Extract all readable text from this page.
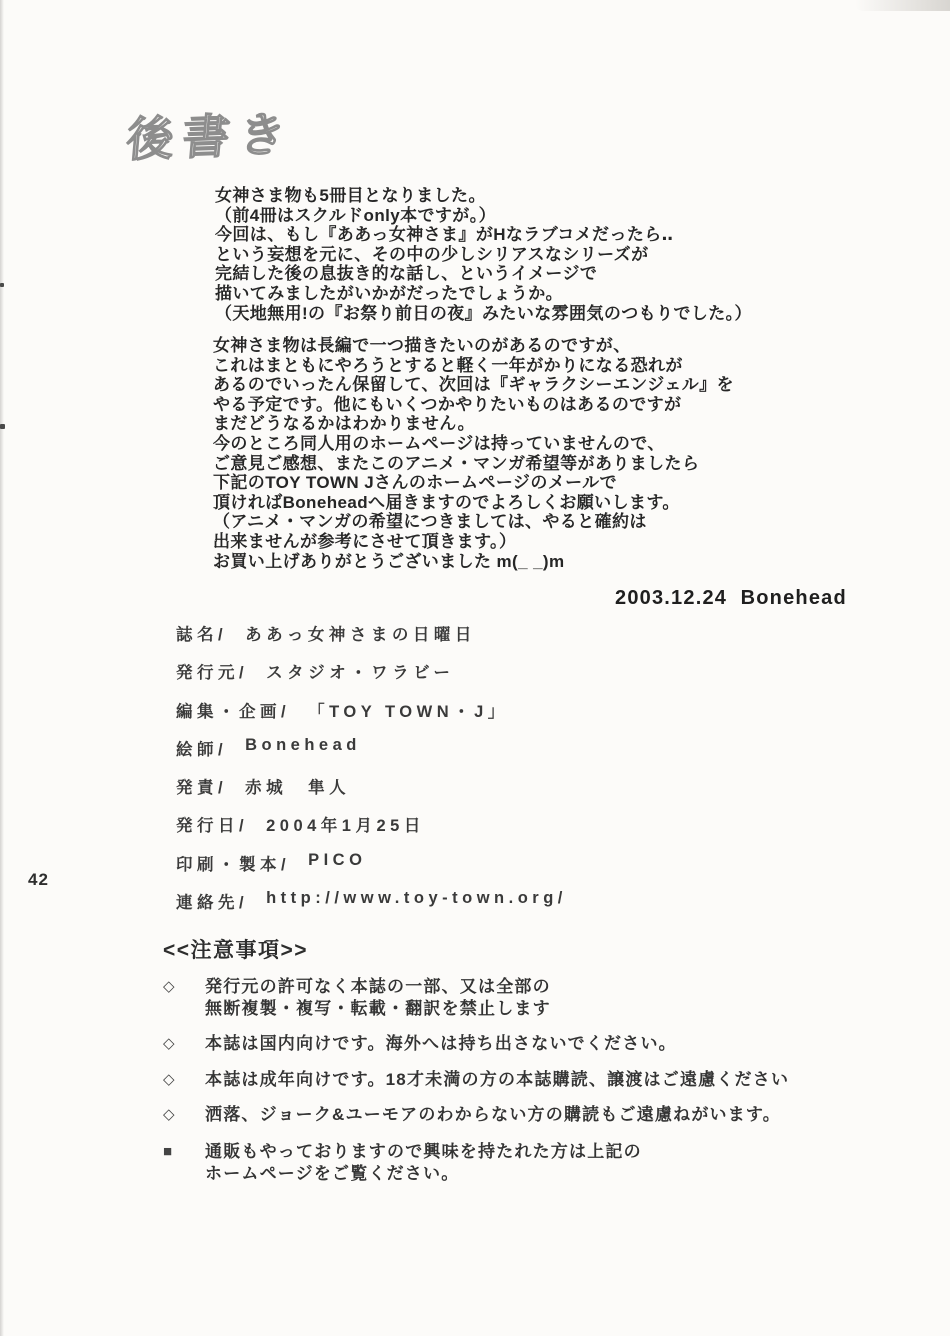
後書き
女神さま物も5冊目となりました。
（前4冊はスクルドonly本ですが。）
今回は、もし『ああっ女神さま』がHなラブコメだったら‥
という妄想を元に、その中の少しシリアスなシリーズが
完結した後の息抜き的な話し、というイメージで
描いてみましたがいかがだったでしょうか。
（天地無用!の『お祭り前日の夜』みたいな雰囲気のつもりでした。）
女神さま物は長編で一つ描きたいのがあるのですが、
これはまともにやろうとすると軽く一年がかりになる恐れが
あるのでいったん保留して、次回は『ギャラクシーエンジェル』を
やる予定です。他にもいくつかやりたいものはあるのですが
まだどうなるかはわかりません。
今のところ同人用のホームページは持っていませんので、
ご意見ご感想、またこのアニメ・マンガ希望等がありましたら
下記のTOY TOWN Jさんのホームページのメールで
頂ければBoneheadへ届きますのでよろしくお願いします。
（アニメ・マンガの希望につきましては、やると確約は
出来ませんが参考にさせて頂きます。）
お買い上げありがとうございました m(_ _)m
2003.12.24  Bonehead
42
誌名/ ああっ女神さまの日曜日
発行元/ スタジオ・ワラビー
編集・企画/ 「TOY TOWN・J」
絵師/ Bonehead
発責/ 赤城　隼人
発行日/ 2004年1月25日
印刷・製本/ PICO
連絡先/ http://www.toy-town.org/
<<注意事項>>
◇	発行元の許可なく本誌の一部、又は全部の
無断複製・複写・転載・翻訳を禁止します
◇	本誌は国内向けです。海外へは持ち出さないでください。
◇	本誌は成年向けです。18才未満の方の本誌購読、譲渡はご遠慮ください
◇	洒落、ジョーク&ユーモアのわからない方の購読もご遠慮ねがいます。
■	通販もやっておりますので興味を持たれた方は上記の
ホームページをご覧ください。
